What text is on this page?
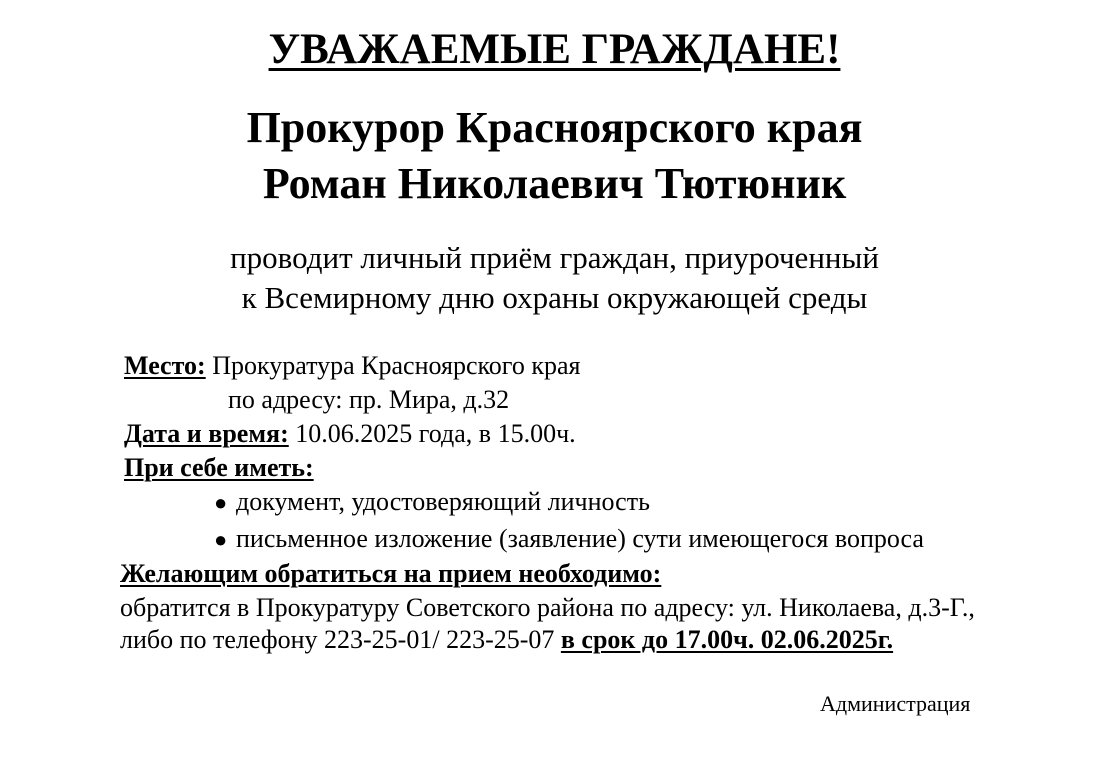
УВАЖАЕМЫЕ ГРАЖДАНЕ!
Прокурор Красноярского края
Роман Николаевич Тютюник
проводит личный приём граждан, приуроченный
к Всемирному дню охраны окружающей среды
Место: Прокуратура Красноярского края
по адресу: пр. Мира, д.32
Дата и время: 10.06.2025 года, в 15.00ч.
При себе иметь:
● документ, удостоверяющий личность
● письменное изложение (заявление) сути имеющегося вопроса
Желающим обратиться на прием необходимо:
обратится в Прокуратуру Советского района по адресу: ул. Николаева, д.3-Г.,
либо по телефону 223-25-01/ 223-25-07 в срок до 17.00ч. 02.06.2025г.
Администрация
